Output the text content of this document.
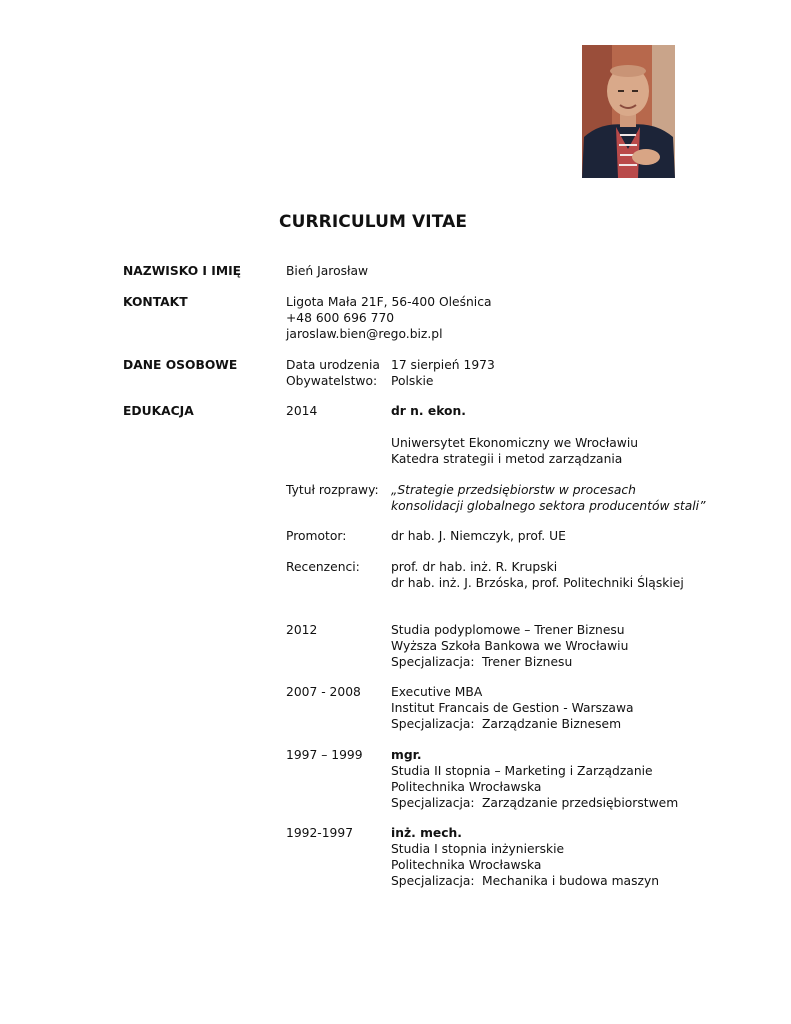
CURRICULUM VITAE
NAZWISKO I IMIĘ	Bień Jarosław
KONTAKT	Ligota Mała 21F, 56-400 Oleśnica
+48 600 696 770
jaroslaw.bien@rego.biz.pl
DANE OSOBOWE	Data urodzenia 17 sierpień 1973
Obywatelstwo: Polskie
EDUKACJA	2014	dr n. ekon.
Uniwersytet Ekonomiczny we Wrocławiu
Katedra strategii i metod zarządzania
Tytuł rozprawy: „Strategie przedsiębiorstw w procesach
konsolidacji globalnego sektora producentów stali”
Promotor:	dr hab. J. Niemczyk, prof. UE
Recenzenci:	prof. dr hab. inż. R. Krupski
dr hab. inż. J. Brzóska, prof. Politechniki Śląskiej
2012	Studia podyplomowe – Trener Biznesu
Wyższa Szkoła Bankowa we Wrocławiu
Specjalizacja: Trener Biznesu
2007 - 2008 Executive MBA
Institut Francais de Gestion - Warszawa
Specjalizacja: Zarządzanie Biznesem
1997 – 1999 mgr.
Studia II stopnia – Marketing i Zarządzanie
Politechnika Wrocławska
Specjalizacja: Zarządzanie przedsiębiorstwem
1992-1997	inż. mech.
Studia I stopnia inżynierskie
Politechnika Wrocławska
Specjalizacja: Mechanika i budowa maszyn
